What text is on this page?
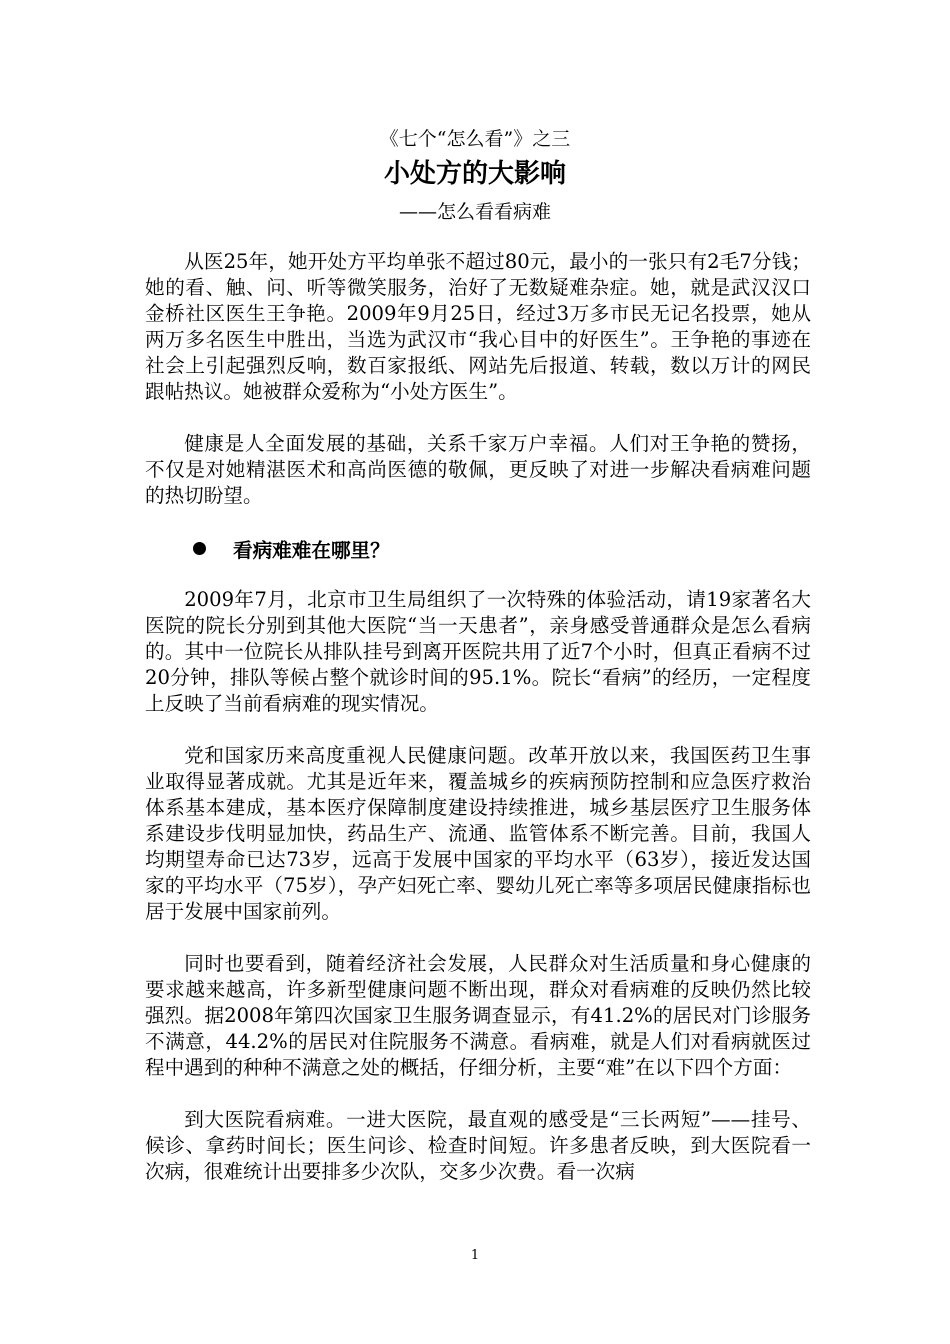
《七个“怎么看”》之三
小处方的大影响
——怎么看看病难

从医25年，她开处方平均单张不超过80元，最小的一张只有2毛7分钱；她的看、触、问、听等微笑服务，治好了无数疑难杂症。她，就是武汉汉口金桥社区医生王争艳。2009年9月25日，经过3万多市民无记名投票，她从两万多名医生中胜出，当选为武汉市“我心目中的好医生”。王争艳的事迹在社会上引起强烈反响，数百家报纸、网站先后报道、转载，数以万计的网民跟帖热议。她被群众爱称为“小处方医生”。

健康是人全面发展的基础，关系千家万户幸福。人们对王争艳的赞扬，不仅是对她精湛医术和高尚医德的敬佩，更反映了对进一步解决看病难问题的热切盼望。

看病难难在哪里？

2009年7月，北京市卫生局组织了一次特殊的体验活动，请19家著名大医院的院长分别到其他大医院“当一天患者”，亲身感受普通群众是怎么看病的。其中一位院长从排队挂号到离开医院共用了近7个小时，但真正看病不过20分钟，排队等候占整个就诊时间的95.1%。院长“看病”的经历，一定程度上反映了当前看病难的现实情况。

党和国家历来高度重视人民健康问题。改革开放以来，我国医药卫生事业取得显著成就。尤其是近年来，覆盖城乡的疾病预防控制和应急医疗救治体系基本建成，基本医疗保障制度建设持续推进，城乡基层医疗卫生服务体系建设步伐明显加快，药品生产、流通、监管体系不断完善。目前，我国人均期望寿命已达73岁，远高于发展中国家的平均水平（63岁），接近发达国家的平均水平（75岁），孕产妇死亡率、婴幼儿死亡率等多项居民健康指标也居于发展中国家前列。

同时也要看到，随着经济社会发展，人民群众对生活质量和身心健康的要求越来越高，许多新型健康问题不断出现，群众对看病难的反映仍然比较强烈。据2008年第四次国家卫生服务调查显示，有41.2%的居民对门诊服务不满意，44.2%的居民对住院服务不满意。看病难，就是人们对看病就医过程中遇到的种种不满意之处的概括，仔细分析，主要“难”在以下四个方面：

到大医院看病难。一进大医院，最直观的感受是“三长两短”——挂号、候诊、拿药时间长；医生问诊、检查时间短。许多患者反映，到大医院看一次病，很难统计出要排多少次队，交多少次费。看一次病

1
